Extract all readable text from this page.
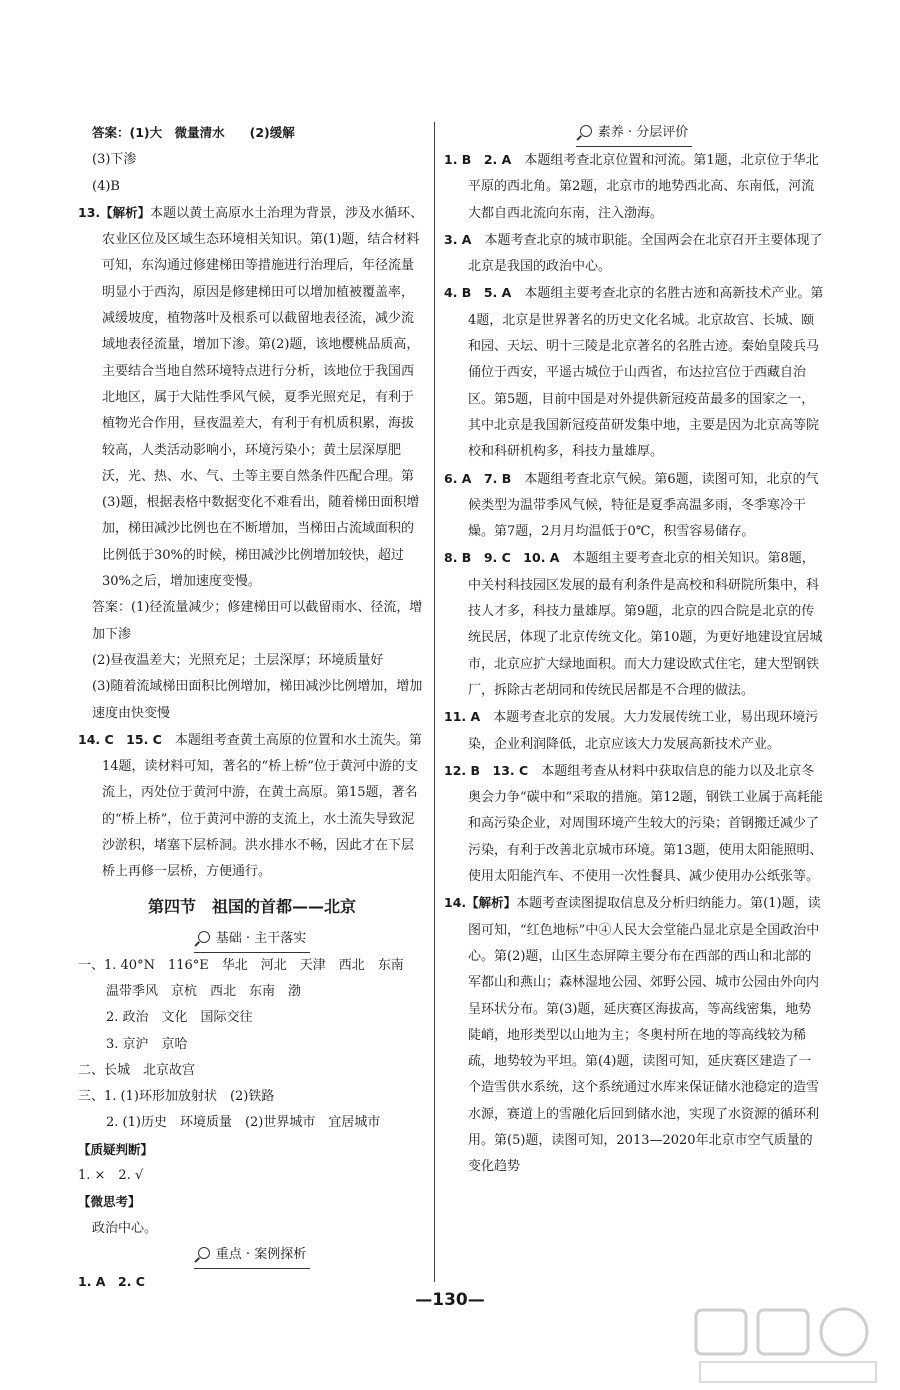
答案：(1)大　微量清水　　(2)缓解

(3)下渗

(4)B

13.【解析】本题以黄土高原水土治理为背景，涉及水循环、农业区位及区域生态环境相关知识。第(1)题，结合材料可知，东沟通过修建梯田等措施进行治理后，年径流量明显小于西沟，原因是修建梯田可以增加植被覆盖率，减缓坡度，植物落叶及根系可以截留地表径流，减少流域地表径流量，增加下渗。第(2)题，该地樱桃品质高，主要结合当地自然环境特点进行分析，该地位于我国西北地区，属于大陆性季风气候，夏季光照充足，有利于植物光合作用，昼夜温差大，有利于有机质积累，海拔较高，人类活动影响小，环境污染小；黄土层深厚肥沃，光、热、水、气、土等主要自然条件匹配合理。第(3)题，根据表格中数据变化不难看出，随着梯田面积增加，梯田减沙比例也在不断增加，当梯田占流域面积的比例低于30%的时候，梯田减沙比例增加较快，超过30%之后，增加速度变慢。

答案：(1)径流量减少；修建梯田可以截留雨水、径流，增加下渗

(2)昼夜温差大；光照充足；土层深厚；环境质量好

(3)随着流域梯田面积比例增加，梯田减沙比例增加，增加速度由快变慢

14. C　15. C　 本题组考查黄土高原的位置和水土流失。第14题，读材料可知，著名的“桥上桥”位于黄河中游的支流上，丙处位于黄河中游，在黄土高原。第15题，著名的“桥上桥”，位于黄河中游的支流上，水土流失导致泥沙淤积，堵塞下层桥洞。洪水排水不畅，因此才在下层桥上再修一层桥，方便通行。

第四节　祖国的首都——北京
基础 · 主干落实

一、1. 40°N　116°E　华北　河北　天津　西北　东南

温带季风　京杭　西北　东南　渤

2. 政治　文化　国际交往

3. 京沪　京哈

二、长城　北京故宫

三、1. (1)环形加放射状　(2)铁路

2. (1)历史　环境质量　(2)世界城市　宜居城市

【质疑判断】

1. ×　2. √

【微思考】

政治中心。

重点 · 案例探析

1. A　2. C

素养 · 分层评价

1. B　2. A　 本题组考查北京位置和河流。第1题，北京位于华北平原的西北角。第2题，北京市的地势西北高、东南低，河流大都自西北流向东南，注入渤海。

3. A　 本题考查北京的城市职能。全国两会在北京召开主要体现了北京是我国的政治中心。

4. B　5. A　 本题组主要考查北京的名胜古迹和高新技术产业。第4题，北京是世界著名的历史文化名城。北京故宫、长城、颐和园、天坛、明十三陵是北京著名的名胜古迹。秦始皇陵兵马俑位于西安，平遥古城位于山西省，布达拉宫位于西藏自治区。第5题，目前中国是对外提供新冠疫苗最多的国家之一，其中北京是我国新冠疫苗研发集中地，主要是因为北京高等院校和科研机构多，科技力量雄厚。

6. A　7. B　 本题组考查北京气候。第6题，读图可知，北京的气候类型为温带季风气候，特征是夏季高温多雨，冬季寒冷干燥。第7题，2月月均温低于0℃，积雪容易储存。

8. B　9. C　10. A　 本题组主要考查北京的相关知识。第8题，中关村科技园区发展的最有利条件是高校和科研院所集中，科技人才多，科技力量雄厚。第9题，北京的四合院是北京的传统民居，体现了北京传统文化。第10题，为更好地建设宜居城市，北京应扩大绿地面积。而大力建设欧式住宅，建大型钢铁厂，拆除古老胡同和传统民居都是不合理的做法。

11. A　 本题考查北京的发展。大力发展传统工业，易出现环境污染，企业利润降低，北京应该大力发展高新技术产业。

12. B　13. C　 本题组考查从材料中获取信息的能力以及北京冬奥会力争“碳中和”采取的措施。第12题，钢铁工业属于高耗能和高污染企业，对周围环境产生较大的污染；首钢搬迁减少了污染，有利于改善北京城市环境。第13题，使用太阳能照明、使用太阳能汽车、不使用一次性餐具、减少使用办公纸张等。

14.【解析】本题考查读图提取信息及分析归纳能力。第(1)题，读图可知，“红色地标”中④人民大会堂能凸显北京是全国政治中心。第(2)题，山区生态屏障主要分布在西部的西山和北部的军都山和燕山；森林湿地公园、郊野公园、城市公园由外向内呈环状分布。第(3)题，延庆赛区海拔高，等高线密集，地势陡峭，地形类型以山地为主；冬奥村所在地的等高线较为稀疏，地势较为平坦。第(4)题，读图可知，延庆赛区建造了一个造雪供水系统，这个系统通过水库来保证储水池稳定的造雪水源，赛道上的雪融化后回到储水池，实现了水资源的循环利用。第(5)题，读图可知，2013—2020年北京市空气质量的变化趋势

—130—
